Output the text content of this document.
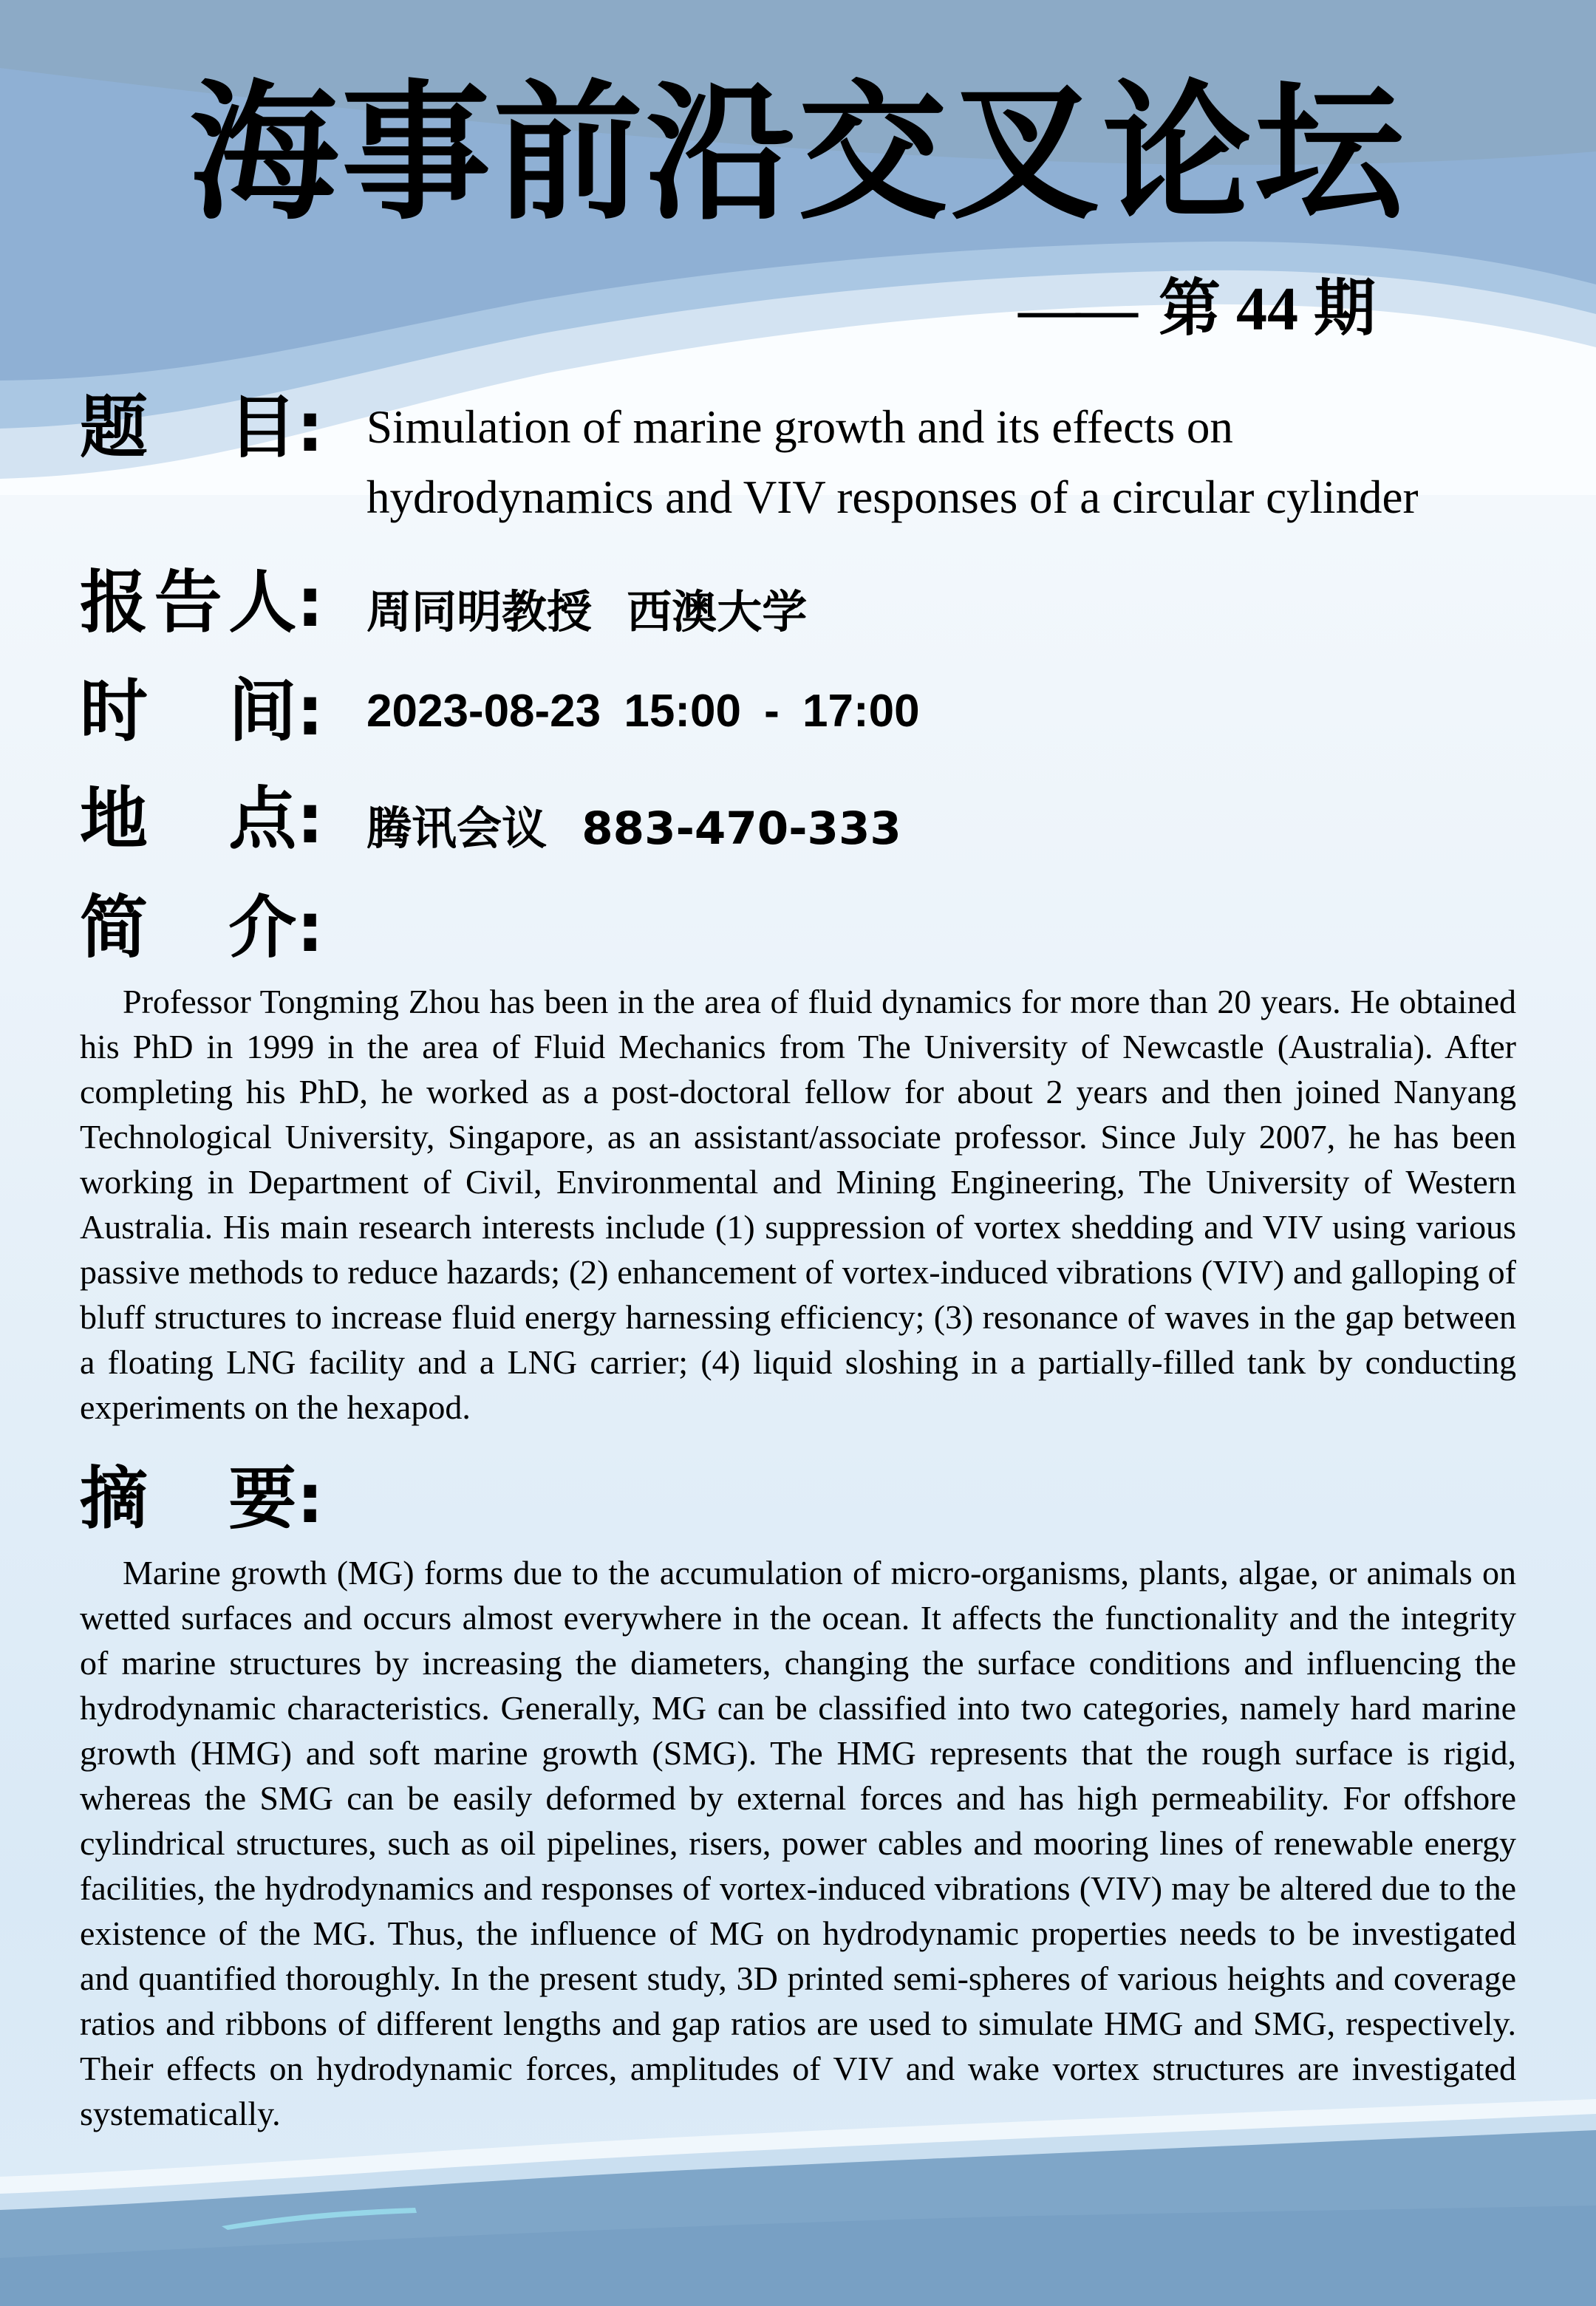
海事前沿交叉论坛
—— 第 44 期
题 目: Simulation of marine growth and its effects on hydrodynamics and VIV responses of a circular cylinder
报 告 人: 周同明教授 西澳大学
时 间: 2023-08-23 15:00 - 17:00
地 点: 腾讯会议 883-470-333
简 介:

Professor Tongming Zhou has been in the area of fluid dynamics for more than 20 years. He obtained his PhD in 1999 in the area of Fluid Mechanics from The University of Newcastle (Australia). After completing his PhD, he worked as a post-doctoral fellow for about 2 years and then joined Nanyang Technological University, Singapore, as an assistant/associate professor. Since July 2007, he has been working in Department of Civil, Environmental and Mining Engineering, The University of Western Australia. His main research interests include (1) suppression of vortex shedding and VIV using various passive methods to reduce hazards; (2) enhancement of vortex-induced vibrations (VIV) and galloping of bluff structures to increase fluid energy harnessing efficiency; (3) resonance of waves in the gap between a floating LNG facility and a LNG carrier; (4) liquid sloshing in a partially-filled tank by conducting experiments on the hexapod.

摘 要:

Marine growth (MG) forms due to the accumulation of micro-organisms, plants, algae, or animals on wetted surfaces and occurs almost everywhere in the ocean. It affects the functionality and the integrity of marine structures by increasing the diameters, changing the surface conditions and influencing the hydrodynamic characteristics. Generally, MG can be classified into two categories, namely hard marine growth (HMG) and soft marine growth (SMG). The HMG represents that the rough surface is rigid, whereas the SMG can be easily deformed by external forces and has high permeability. For offshore cylindrical structures, such as oil pipelines, risers, power cables and mooring lines of renewable energy facilities, the hydrodynamics and responses of vortex-induced vibrations (VIV) may be altered due to the existence of the MG. Thus, the influence of MG on hydrodynamic properties needs to be investigated and quantified thoroughly. In the present study, 3D printed semi-spheres of various heights and coverage ratios and ribbons of different lengths and gap ratios are used to simulate HMG and SMG, respectively. Their effects on hydrodynamic forces, amplitudes of VIV and wake vortex structures are investigated systematically.
